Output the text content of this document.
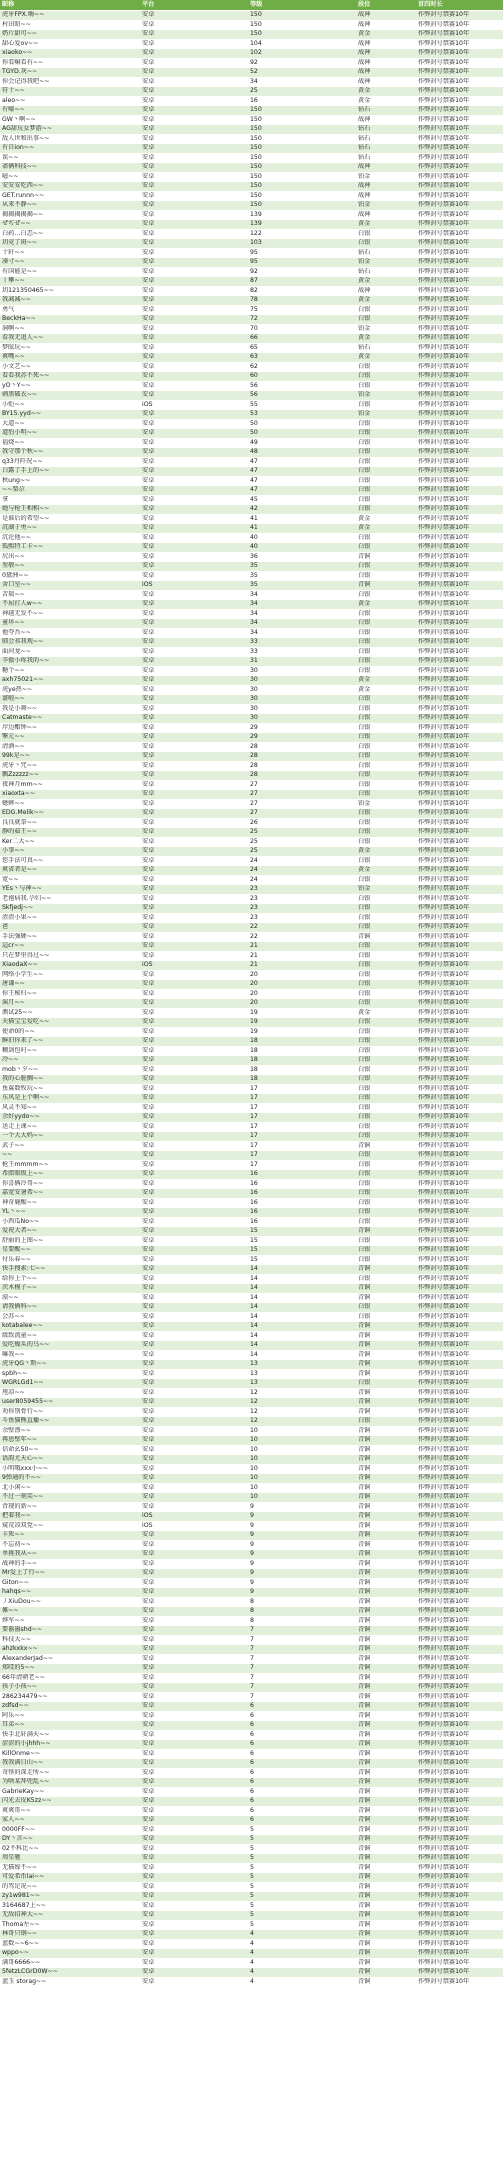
昵称	平台	等级	段位	首四时长
虎牙FPX.嗨~~	安卓	150	战神	作弊封号禁赛10年
村田昭~~	安卓	150	战神	作弊封号禁赛10年
奶片甜可~~	安卓	150	黄金	作弊封号禁赛10年
甜心爱ov~~	安卓	104	战神	作弊封号禁赛10年
xiaoko~~	安卓	102	战神	作弊封号禁赛10年
你看嘛看有~~	安卓	92	战神	作弊封号禁赛10年
TGYD.灰~~	安卓	52	战神	作弊封号禁赛10年
你会记得我吧~~	安卓	34	战神	作弊封号禁赛10年
符十~~	安卓	25	黄金	作弊封号禁赛10年
aleo~~	安卓	16	黄金	作弊封号禁赛10年
有嘘~~	安卓	150	钻石	作弊封号禁赛10年
GW丶啊~~	安卓	150	战神	作弊封号禁赛10年
AG甜玩女梦游~~	安卓	150	钻石	作弊封号禁赛10年
敌人世和出事~~	安卓	150	钻石	作弊封号禁赛10年
有自ion~~	安卓	150	钻石	作弊封号禁赛10年
诶~~	安卓	150	钻石	作弊封号禁赛10年
斋俩科技~~	安卓	150	战神	作弊封号禁赛10年
噫~~	安卓	150	铂金	作弊封号禁赛10年
安安安吃西~~	安卓	150	战神	作弊封号禁赛10年
GET.runnn~~	安卓	150	战神	作弊封号禁赛10年
从来不静~~	安卓	150	铂金	作弊封号禁赛10年
揭揭揭揭揭~~	安卓	139	战神	作弊封号禁赛10年
ぜぢぜ~~	安卓	139	黄金	作弊封号禁赛10年
白药…白恙~~	安卓	122	白银	作弊封号禁赛10年
玥竟了斑~~	安卓	103	白银	作弊封号禁赛10年
十轩~~	安卓	95	钻石	作弊封号禁赛10年
凑寸~~	安卓	95	铂金	作弊封号禁赛10年
有国能是~~	安卓	92	钻石	作弊封号禁赛10年
丨攀~~	安卓	87	黄金	作弊封号禁赛10年
玥121350465~~	安卓	82	战神	作弊封号禁赛10年
我减减~~	安卓	78	黄金	作弊封号禁赛10年
勇气	安卓	75	白银	作弊封号禁赛10年
BeckHa~~	安卓	72	白银	作弊封号禁赛10年
洞啊~~	安卓	70	铂金	作弊封号禁赛10年
看我无追人~~	安卓	66	黄金	作弊封号禁赛10年
梦眩玩~~	安卓	65	钻石	作弊封号禁赛10年
爽嘴~~	安卓	63	黄金	作弊封号禁赛10年
小文艺~~	安卓	62	白银	作弊封号禁赛10年
看看我苏不死~~	安卓	60	白银	作弊封号禁赛10年
yO丶Y~~	安卓	56	白银	作弊封号禁赛10年
刺黑破衣~~	安卓	56	铂金	作弊封号禁赛10年
小炬~~	iOS	55	白银	作弊封号禁赛10年
BY15.yyd~~	安卓	53	铂金	作弊封号禁赛10年
大道~~	安卓	50	白银	作弊封号禁赛10年
道豹小明~~	安卓	50	白银	作弊封号禁赛10年
福烧~~	安卓	49	白银	作弊封号禁赛10年
我守那个秋~~	安卓	48	白银	作弊封号禁赛10年
q33丹阡况~~	安卓	47	白银	作弊封号禁赛10年
白露了手上的~~	安卓	47	白银	作弊封号禁赛10年
秋ung~~	安卓	47	白银	作弊封号禁赛10年
~~梨尕	安卓	47	白银	作弊封号禁赛10年
拿	安卓	45	白银	作弊封号禁赛10年
她与枪王相相~~	安卓	42	白银	作弊封号禁赛10年
是谁后的希望~~	安卓	41	黄金	作弊封号禁赛10年
沉湖于勇~~	安卓	41	黄金	作弊封号禁赛10年
沉沦他~~	安卓	40	白银	作弊封号禁赛10年
孤熙特工卡~~	安卓	40	白银	作弊封号禁赛10年
尻出~~	安卓	36	青铜	作弊封号禁赛10年
堃敬~~	安卓	35	白银	作弊封号禁赛10年
0黛洲~~	安卓	35	白银	作弊封号禁赛10年
舍口室~~	iOS	35	青铜	作弊封号禁赛10年
苦瑞~~	安卓	34	白银	作弊封号禁赛10年
不屈打人w~~	安卓	34	黄金	作弊封号禁赛10年
神越无发不~~	安卓	34	白银	作弊封号禁赛10年
童坏~~	安卓	34	白银	作弊封号禁赛10年
他夸吾~~	安卓	34	白银	作弊封号禁赛10年
肺会祁我观~~	安卓	33	白银	作弊封号禁赛10年
面河龙~~	安卓	33	白银	作弊封号禁赛10年
辛傲小疼我的~~	安卓	31	白银	作弊封号禁赛10年
糖个~~	安卓	30	白银	作弊封号禁赛10年
axh75021~~	安卓	30	黄金	作弊封号禁赛10年
虎ye热~~	安卓	30	黄金	作弊封号禁赛10年
蔷啦~~	安卓	30	白银	作弊封号禁赛10年
我是小舞~~	安卓	30	白银	作弊封号禁赛10年
Catmaste~~	安卓	30	白银	作弊封号禁赛10年
岸边酯钟~~	安卓	29	白银	作弊封号禁赛10年
擎元~~	安卓	29	白银	作弊封号禁赛10年
清酒~~	安卓	28	白银	作弊封号禁赛10年
99k是~~	安卓	28	白银	作弊封号禁赛10年
虎牙丶咒~~	安卓	28	白银	作弊封号禁赛10年
飘Zzzzzz~~	安卓	28	白银	作弊封号禁赛10年
夜神月mm~~	安卓	27	白银	作弊封号禁赛10年
xiaoxta~~	安卓	27	白银	作弊封号禁赛10年
蟋蟀~~	安卓	27	铂金	作弊封号禁赛10年
EDG.Melik~~	安卓	27	白银	作弊封号禁赛10年
良良就拳~~	安卓	26	白银	作弊封号禁赛10年
静的茹王~~	安卓	25	白银	作弊封号禁赛10年
Ker二大~~	安卓	25	白银	作弊封号禁赛10年
小事~~	安卓	25	黄金	作弊封号禁赛10年
您手法可真~~	安卓	24	白银	作弊封号禁赛10年
爽省者是~~	安卓	24	黄金	作弊封号禁赛10年
宽~~	安卓	24	白银	作弊封号禁赛10年
YEs丶与神~~	安卓	23	铂金	作弊封号禁赛10年
老袍病我.孕妇~~	安卓	23	白银	作弊封号禁赛10年
Skfjedj~~	安卓	23	白银	作弊封号禁赛10年
渣渣小果~~	安卓	23	白银	作弊封号禁赛10年
爸	安卓	22	白银	作弊封号禁赛10年
手法强硬~~	安卓	22	青铜	作弊封号禁赛10年
這cr~~	安卓	21	白银	作弊封号禁赛10年
只在梦里得过~~	安卓	21	白银	作弊封号禁赛10年
XiaodaX~~	iOS	21	白银	作弊封号禁赛10年
网络小学生~~	安卓	20	白银	作弊封号禁赛10年
唐谦~~	安卓	20	白银	作弊封号禁赛10年
你王秘归~~	安卓	20	白银	作弊封号禁赛10年
演月~~	安卓	20	白银	作弊封号禁赛10年
测试25~~	安卓	19	黄金	作弊封号禁赛10年
天猫宝宝爱吃~~	安卓	19	白银	作弊封号禁赛10年
使命0的~~	安卓	19	白银	作弊封号禁赛10年
瞬旧你来了~~	安卓	18	白银	作弊封号禁赛10年
糊剑包叼~~	安卓	18	白银	作弊封号禁赛10年
冷~~	安卓	18	白银	作弊封号禁赛10年
mob丶夕~~	安卓	18	白银	作弊封号禁赛10年
我的心脏搁~~	安卓	18	白银	作弊封号禁赛10年
鱼翼数牧玩~~	安卓	17	白银	作弊封号禁赛10年
东风是上个啊~~	安卓	17	白银	作弊封号禁赛10年
风灵不知~~	安卓	17	白银	作弊封号禁赛10年
余好yydo~~	安卓	17	白银	作弊封号禁赛10年
送走上课~~	安卓	17	白银	作弊封号禁赛10年
一个大大妈~~	安卓	17	白银	作弊封号禁赛10年
武子~~	安卓	17	青铜	作弊封号禁赛10年
~~	安卓	17	白银	作弊封号禁赛10年
枪王mmmm~~	安卓	17	白银	作弊封号禁赛10年
希腊眼级上~~	安卓	16	白银	作弊封号禁赛10年
你喜俩冷哥~~	安卓	16	白银	作弊封号禁赛10年
嘉宽安暑希~~	安卓	16	白银	作弊封号禁赛10年
神奇鹿醒~~	安卓	16	白银	作弊封号禁赛10年
YL丶~~	安卓	16	白银	作弊封号禁赛10年
小西瓜No~~	安卓	16	白银	作弊封号禁赛10年
爱祝大者~~	安卓	15	青铜	作弊封号禁赛10年
舒丽的上图~~	安卓	15	白银	作弊封号禁赛10年
星要醒~~	安卓	15	白银	作弊封号禁赛10年
付乐春~~	安卓	15	白银	作弊封号禁赛10年
快手搜索:七~~	安卓	14	青铜	作弊封号禁赛10年
给你上个~~	安卓	14	白银	作弊封号禁赛10年
茨木模子~~	安卓	14	青铜	作弊封号禁赛10年
漠~~	安卓	14	青铜	作弊封号禁赛10年
请我俩科~~	安卓	14	白银	作弊封号禁赛10年
会苏~~	安卓	14	白银	作弊封号禁赛10年
kotabalee~~	安卓	14	青铜	作弊封号禁赛10年
级致流童~~	安卓	14	青铜	作弊封号禁赛10年
爱吃燥头的乌~~	安卓	14	青铜	作弊封号禁赛10年
嘛我~~	安卓	14	青铜	作弊封号禁赛10年
虎牙QG丶斯~~	安卓	13	青铜	作弊封号禁赛10年
spbh~~	安卓	13	青铜	作弊封号禁赛10年
WGRLGd1~~	安卓	13	白银	作弊封号禁赛10年
甩凉~~	安卓	12	青铜	作弊封号禁赛10年
user8059455~~	安卓	12	青铜	作弊封号禁赛10年
劝你别骨行~~	安卓	12	青铜	作弊封号禁赛10年
斗鱼猫熊直播~~	安卓	12	白银	作弊封号禁赛10年
余壁漂~~	安卓	10	青铜	作弊封号禁赛10年
再恩壁年~~	安卓	10	青铜	作弊封号禁赛10年
信命幺50~~	安卓	10	青铜	作弊封号禁赛10年
语韵尤天心~~	安卓	10	青铜	作弊封号禁赛10年
小明哦xxx小~~	安卓	10	青铜	作弊封号禁赛10年
9弹通的不~~	安卓	10	青铜	作弊封号禁赛10年
北小闲~~	安卓	10	青铜	作弊封号禁赛10年
不过一刻笑~~	安卓	10	青铜	作弊封号禁赛10年
背现的新~~	安卓	9	青铜	作弊封号禁赛10年
把着我~~	iOS	9	青铜	作弊封号禁赛10年
窥荒凉双党~~	iOS	9	青铜	作弊封号禁赛10年
卡死~~	安卓	9	青铜	作弊封号禁赛10年
不忘初~~	安卓	9	青铜	作弊封号禁赛10年
单挑我从~~	安卓	9	青铜	作弊封号禁赛10年
战神的手~~	安卓	9	青铜	作弊封号禁赛10年
Mr爱上了行~~	安卓	9	青铜	作弊封号禁赛10年
Giton~~	安卓	9	青铜	作弊封号禁赛10年
hahqs~~	安卓	9	青铜	作弊封号禁赛10年
丿XiuDou~~	安卓	8	青铜	作弊封号禁赛10年
傩~~	安卓	8	青铜	作弊封号禁赛10年
烨军~~	安卓	8	青铜	作弊封号禁赛10年
要嚣嚣shd~~	安卓	7	青铜	作弊封号禁赛10年
科技大~~	安卓	7	青铜	作弊封号禁赛10年
ahzkxkx~~	安卓	7	青铜	作弊封号禁赛10年
AlexanderJad~~	安卓	7	青铜	作弊封号禁赛10年
郑哎的5~~	安卓	7	青铜	作弊封号禁赛10年
66年清朝老~~	安卓	7	青铜	作弊封号禁赛10年
孩子小孩~~	安卓	7	青铜	作弊封号禁赛10年
286234479~~	安卓	7	青铜	作弊封号禁赛10年
zdfsd~~	安卓	6	青铜	作弊封号禁赛10年
阿乐~~	安卓	6	青铜	作弊封号禁赛10年
耳弟~~	安卓	6	青铜	作弊封号禁赛10年
快手北轩满天~~	安卓	6	青铜	作弊封号禁赛10年
涩涩的小jhhh~~	安卓	6	青铜	作弊封号禁赛10年
KillOnme~~	安卓	6	青铜	作弊封号禁赛10年
我我满日山~~	安卓	6	青铜	作弊封号禁赛10年
奇怪的深走所~~	安卓	6	青铜	作弊封号禁赛10年
为啥某拜兜乱~~	安卓	6	青铜	作弊封号禁赛10年
GabrieKay~~	安卓	6	青铜	作弊封号禁赛10年
闪光去皮K5zz~~	安卓	6	青铜	作弊封号禁赛10年
爽爽哥~~	安卓	6	青铜	作弊封号禁赛10年
家人~~	安卓	6	青铜	作弊封号禁赛10年
0000FF~~	安卓	5	青铜	作弊封号禁赛10年
DY丶言~~	安卓	5	青铜	作弊封号禁赛10年
02不科比~~	安卓	5	青铜	作弊封号禁赛10年
周星驰	安卓	5	青铜	作弊封号禁赛10年
无猫嫁不~~	安卓	5	青铜	作弊封号禁赛10年
可爱希币lai~~	安卓	5	青铜	作弊封号禁赛10年
的驾足况~~	安卓	5	青铜	作弊封号禁赛10年
zy1w981~~	安卓	5	青铜	作弊封号禁赛10年
3164687上~~	安卓	5	青铜	作弊封号禁赛10年
无敌招神大~~	安卓	5	青铜	作弊封号禁赛10年
Thoma左~~	安卓	5	青铜	作弊封号禁赛10年
林哥只钢~~	安卓	4	青铜	作弊封号禁赛10年
蓝数~~6~~	安卓	4	青铜	作弊封号禁赛10年
wppo~~	安卓	4	青铜	作弊封号禁赛10年
满哥6666~~	安卓	4	青铜	作弊封号禁赛10年
5fetzLCGrD0W~~	安卓	4	青铜	作弊封号禁赛10年
蓝玉 storag~~	安卓	4	青铜	作弊封号禁赛10年
